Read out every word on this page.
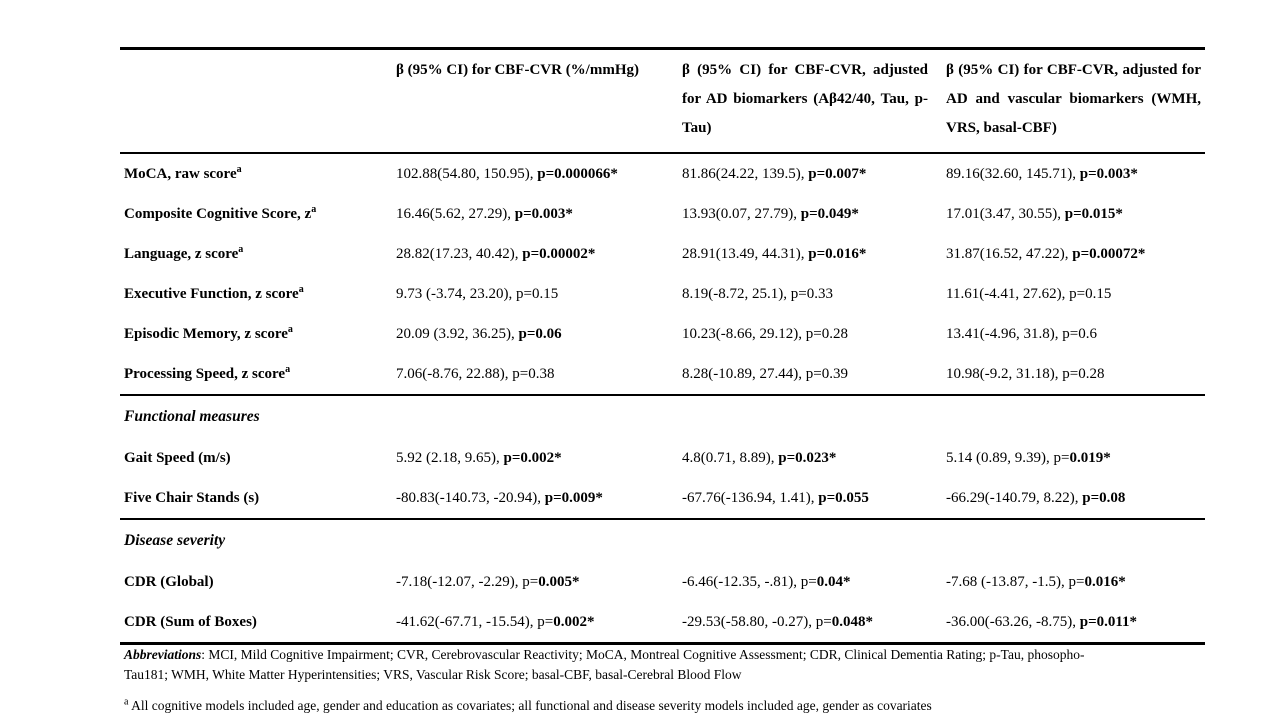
	β (95% CI) for CBF-CVR (%/mmHg)	β (95% CI) for CBF-CVR, adjusted for AD biomarkers (Aβ42/40, Tau, p-Tau)	β (95% CI) for CBF-CVR, adjusted for AD and vascular biomarkers (WMH, VRS, basal-CBF)
MoCA, raw score$^a$	102.88(54.80, 150.95), p=0.000066*	81.86(24.22, 139.5), p=0.007*	89.16(32.60, 145.71), p=0.003*
Composite Cognitive Score, $z^a$	16.46(5.62, 27.29), p=0.003*	13.93(0.07, 27.79), p=0.049*	17.01(3.47, 30.55), p=0.015*
Language, z score$^a$	28.82(17.23, 40.42), p=0.00002*	28.91(13.49, 44.31), p=0.016*	31.87(16.52, 47.22), p=0.00072*
Executive Function, z score$^a$	9.73 (-3.74, 23.20), p=0.15	8.19(-8.72, 25.1), p=0.33	11.61(-4.41, 27.62), p=0.15
Episodic Memory, z score$^a$	20.09 (3.92, 36.25), p=0.06	10.23(-8.66, 29.12), p=0.28	13.41(-4.96, 31.8), p=0.6
Processing Speed, z score$^a$	7.06(-8.76, 22.88), p=0.38	8.28(-10.89, 27.44), p=0.39	10.98(-9.2, 31.18), p=0.28
Functional measures			
Gait Speed (m/s)	5.92 (2.18, 9.65), p=0.002*	4.8(0.71, 8.89), p=0.023*	5.14 (0.89, 9.39), p=0.019*
Five Chair Stands (s)	-80.83(-140.73, -20.94), p=0.009*	-67.76(-136.94, 1.41), p=0.055	-66.29(-140.79, 8.22), p=0.08
Disease severity			
CDR (Global)	-7.18(-12.07, -2.29), p=0.005*	-6.46(-12.35, -.81), p=0.04*	-7.68 (-13.87, -1.5), p=0.016*
CDR (Sum of Boxes)	-41.62(-67.71, -15.54), p=0.002*	-29.53(-58.80, -0.27), p=0.048*	-36.00(-63.26, -8.75), p=0.011*
Abbreviations: MCI, Mild Cognitive Impairment; CVR, Cerebrovascular Reactivity; MoCA, Montreal Cognitive Assessment; CDR, Clinical Dementia Rating; p-Tau, phosopho-Tau181; WMH, White Matter Hyperintensities; VRS, Vascular Risk Score; basal-CBF, basal-Cerebral Blood Flow
$^a$ All cognitive models included age, gender and education as covariates; all functional and disease severity models included age, gender as covariates
